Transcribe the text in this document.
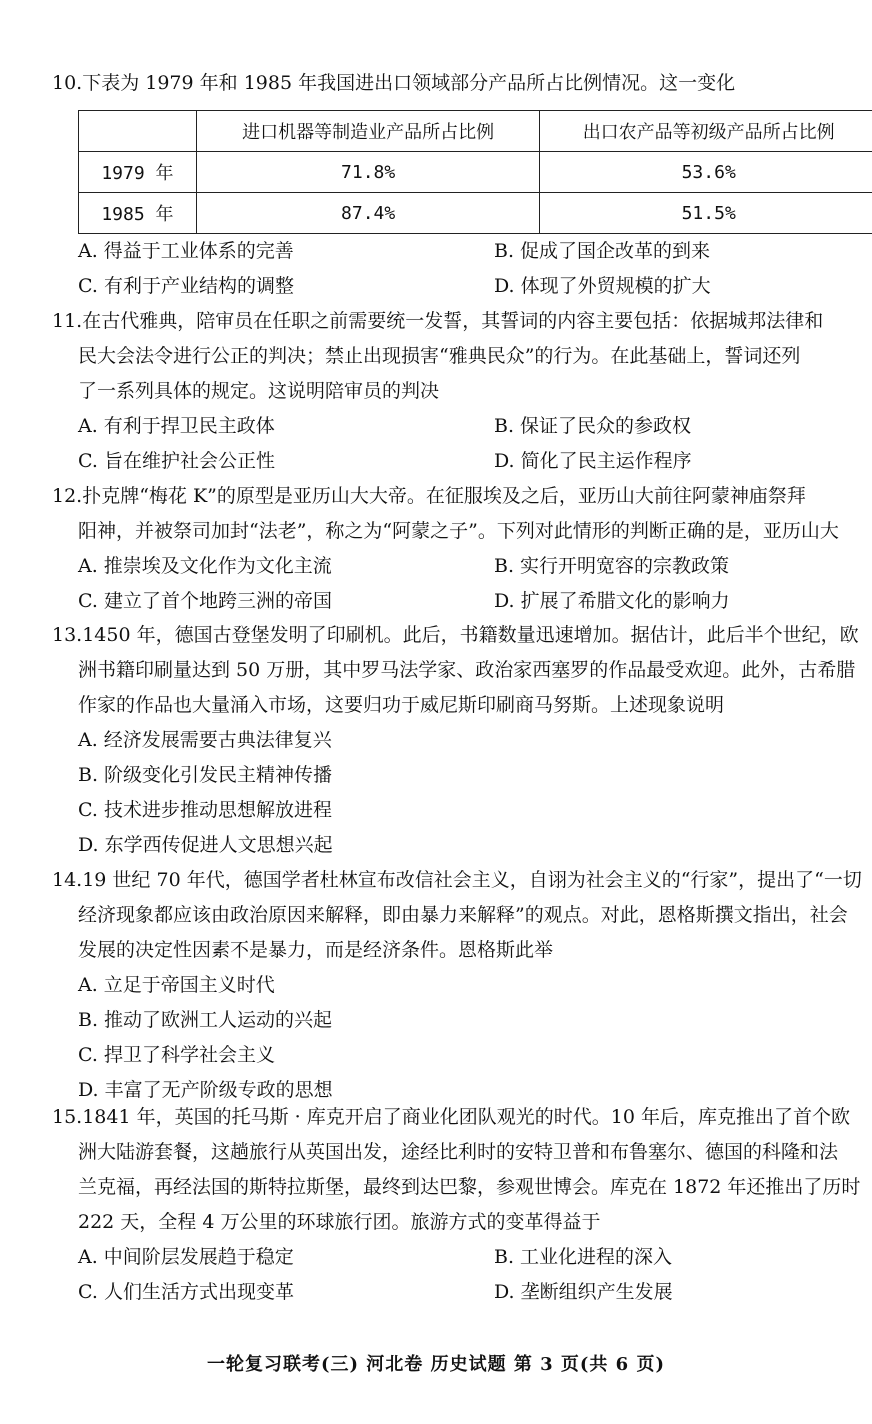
10.下表为 1979 年和 1985 年我国进出口领域部分产品所占比例情况。这一变化
	进口机器等制造业产品所占比例	出口农产品等初级产品所占比例
1979 年	71.8%	53.6%
1985 年	87.4%	51.5%
A. 得益于工业体系的完善	B. 促成了国企改革的到来
C. 有利于产业结构的调整	D. 体现了外贸规模的扩大
11.在古代雅典，陪审员在任职之前需要统一发誓，其誓词的内容主要包括：依据城邦法律和
民大会法令进行公正的判决；禁止出现损害“雅典民众”的行为。在此基础上，誓词还列
了一系列具体的规定。这说明陪审员的判决
A. 有利于捍卫民主政体	B. 保证了民众的参政权
C. 旨在维护社会公正性	D. 简化了民主运作程序
12.扑克牌“梅花 K”的原型是亚历山大大帝。在征服埃及之后，亚历山大前往阿蒙神庙祭拜
阳神，并被祭司加封“法老”，称之为“阿蒙之子”。下列对此情形的判断正确的是，亚历山大
A. 推崇埃及文化作为文化主流	B. 实行开明宽容的宗教政策
C. 建立了首个地跨三洲的帝国	D. 扩展了希腊文化的影响力
13.1450 年，德国古登堡发明了印刷机。此后，书籍数量迅速增加。据估计，此后半个世纪，欧
洲书籍印刷量达到 50 万册，其中罗马法学家、政治家西塞罗的作品最受欢迎。此外，古希腊
作家的作品也大量涌入市场，这要归功于威尼斯印刷商马努斯。上述现象说明
A. 经济发展需要古典法律复兴
B. 阶级变化引发民主精神传播
C. 技术进步推动思想解放进程
D. 东学西传促进人文思想兴起
14.19 世纪 70 年代，德国学者杜林宣布改信社会主义，自诩为社会主义的“行家”，提出了“一切
经济现象都应该由政治原因来解释，即由暴力来解释”的观点。对此，恩格斯撰文指出，社会
发展的决定性因素不是暴力，而是经济条件。恩格斯此举
A. 立足于帝国主义时代
B. 推动了欧洲工人运动的兴起
C. 捍卫了科学社会主义
D. 丰富了无产阶级专政的思想
15.1841 年，英国的托马斯 · 库克开启了商业化团队观光的时代。10 年后，库克推出了首个欧
洲大陆游套餐，这趟旅行从英国出发，途经比利时的安特卫普和布鲁塞尔、德国的科隆和法
兰克福，再经法国的斯特拉斯堡，最终到达巴黎，参观世博会。库克在 1872 年还推出了历时
222 天，全程 4 万公里的环球旅行团。旅游方式的变革得益于
A. 中间阶层发展趋于稳定	B. 工业化进程的深入
C. 人们生活方式出现变革	D. 垄断组织产生发展
一轮复习联考(三) 河北卷 历史试题 第 3 页(共 6 页)
